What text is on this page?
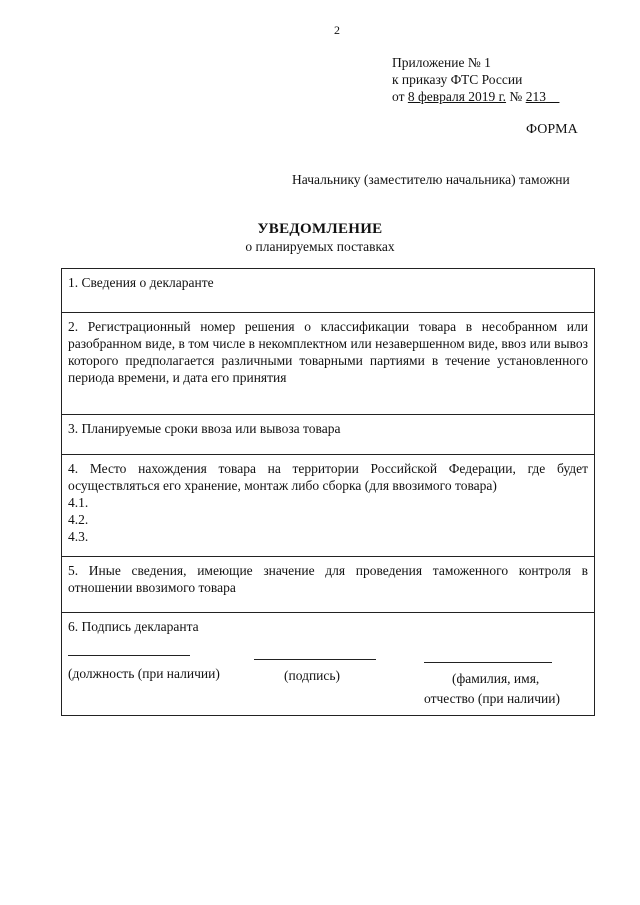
2
Приложение № 1
к приказу ФТС России
от 8 февраля 2019 г. № 213
ФОРМА
Начальнику (заместителю начальника) таможни
УВЕДОМЛЕНИЕ
о планируемых поставках
1. Сведения о декларанте
2. Регистрационный номер решения о классификации товара в несобранном или разобранном виде, в том числе в некомплектном или незавершенном виде, ввоз или вывоз которого предполагается различными товарными партиями в течение установленного периода времени, и дата его принятия
3. Планируемые сроки ввоза или вывоза товара
4. Место нахождения товара на территории Российской Федерации, где будет осуществляться его хранение, монтаж либо сборка (для ввозимого товара)
4.1.
4.2.
4.3.
5. Иные сведения, имеющие значение для проведения таможенного контроля в отношении ввозимого товара
6. Подпись декларанта
(должность (при наличии)	(подпись)	(фамилия, имя,
отчество (при наличии)
